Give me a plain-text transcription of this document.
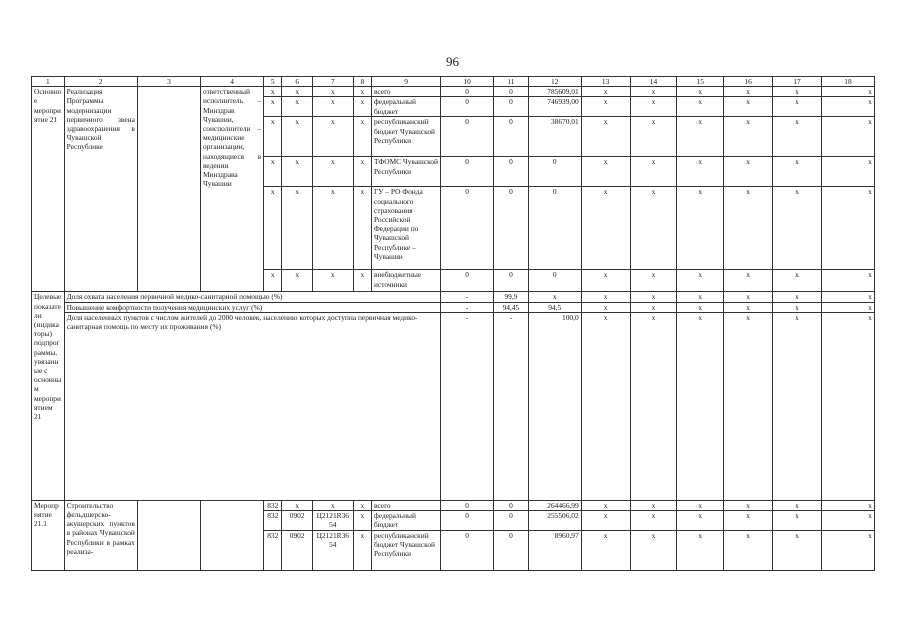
96
1	2	3	4	5	6	7	8	9	10	11	12	13	14	15	16	17	18
Основное мероприятие 21	Реализация Программы модернизации первичного звена здравоохранения в Чувашской Республике		ответственный исполнитель – Минздрав Чувашии, соисполнители – медицинские организации, находящиеся в ведении Минздрава Чувашии	x	x	x	x	всего	0	0	785609,01	x	x	x	x	x	x
				x	x	x	x	федеральный бюджет	0	0	746939,00	x	x	x	x	x	x
				x	x	x	x	республиканский бюджет Чувашской Республики	0	0	38670,01	x	x	x	x	x	x
				x	x	x	x	ТФОМС Чувашской Республики	0	0	0	x	x	x	x	x	x
				x	x	x	x	ГУ – РО Фонда социального страхования Российской Федерации по Чувашской Республике – Чувашии	0	0	0	x	x	x	x	x	x
				x	x	x	x	внебюджетные источники	0	0	0	x	x	x	x	x	x
Целевые показатели (индикаторы) подпрограммы, увязанные с основным мероприятием 21	Доля охвата населения первичной медико-санитарной помощью (%)								-	99,9	x	x	x	x	x	x	x
	Повышение комфортности получения медицинских услуг (%)								-	94,45	94,5	x	x	x	x	x	x
	Доля населенных пунктов с числом жителей до 2000 человек, населению которых доступна первичная медико-санитарная помощь по месту их проживания (%)								-	-	100,0	x	x	x	x	x	x
Мероприятие 21.1	Строительство фельдшерско-акушерских пунктов в районах Чувашской Республики в рамках реализа-			832	x	x	x	всего	0	0	264466,99	x	x	x	x	x	x
				832	0902	Ц2121R3654	x	федеральный бюджет	0	0	255506,02	x	x	x	x	x	x
				832	0902	Ц2121R3654	x	республиканский бюджет Чувашской Республики	0	0	8960,97	x	x	x	x	x	x
